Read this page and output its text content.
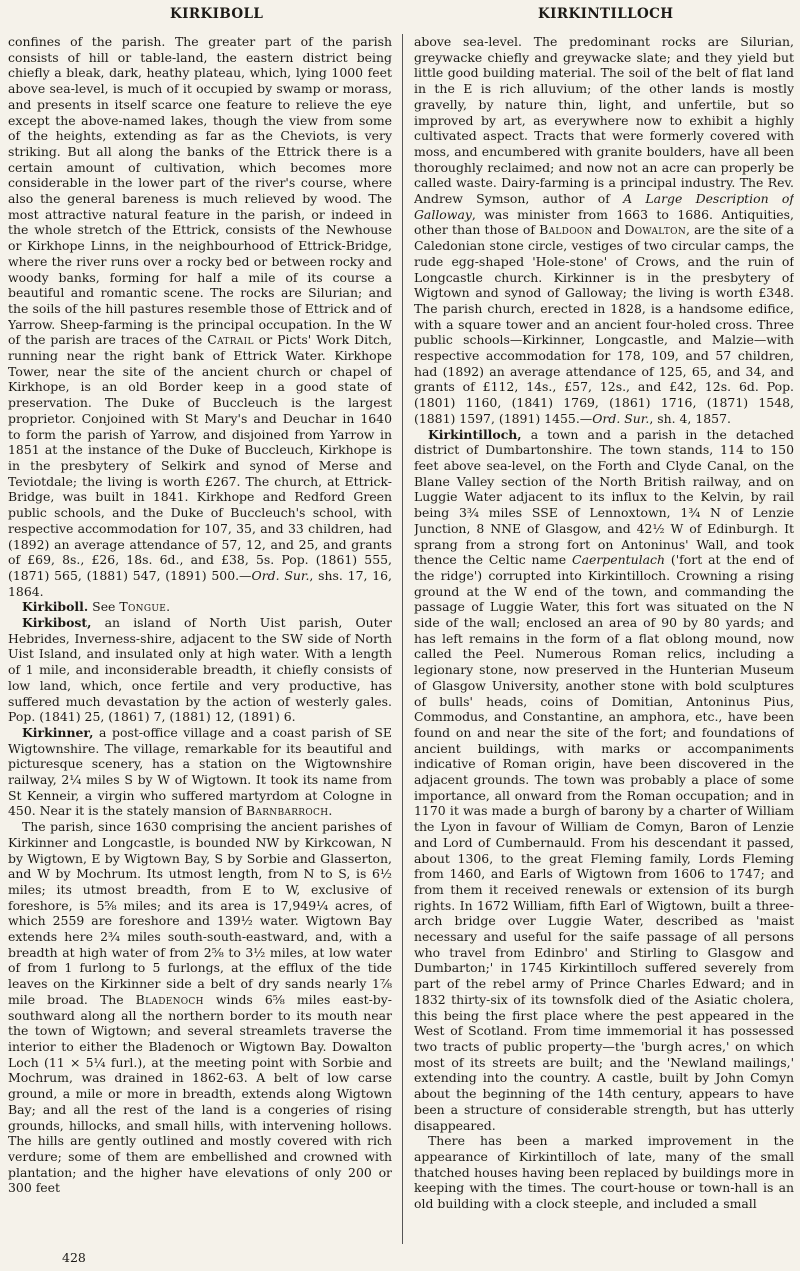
KIRKIBOLL	KIRKINTILLOCH

confines of the parish. The greater part of the parish consists of hill or table-land, the eastern district being chiefly a bleak, dark, heathy plateau, which, lying 1000 feet above sea-level, is much of it occupied by swamp or morass, and presents in itself scarce one feature to relieve the eye except the above-named lakes, though the view from some of the heights, extending as far as the Cheviots, is very striking. But all along the banks of the Ettrick there is a certain amount of cultivation, which becomes more considerable in the lower part of the river's course, where also the general bareness is much relieved by wood. The most attractive natural feature in the parish, or indeed in the whole stretch of the Ettrick, consists of the Newhouse or Kirkhope Linns, in the neighbourhood of Ettrick-Bridge, where the river runs over a rocky bed or between rocky and woody banks, forming for half a mile of its course a beautiful and romantic scene. The rocks are Silurian; and the soils of the hill pastures resemble those of Ettrick and of Yarrow. Sheep-farming is the principal occupation. In the W of the parish are traces of the Catrail or Picts' Work Ditch, running near the right bank of Ettrick Water. Kirkhope Tower, near the site of the ancient church or chapel of Kirkhope, is an old Border keep in a good state of preservation. The Duke of Buccleuch is the largest proprietor. Conjoined with St Mary's and Deuchar in 1640 to form the parish of Yarrow, and disjoined from Yarrow in 1851 at the instance of the Duke of Buccleuch, Kirkhope is in the presbytery of Selkirk and synod of Merse and Teviotdale; the living is worth £267. The church, at Ettrick-Bridge, was built in 1841. Kirkhope and Redford Green public schools, and the Duke of Buccleuch's school, with respective accommodation for 107, 35, and 33 children, had (1892) an average attendance of 57, 12, and 25, and grants of £69, 8s., £26, 18s. 6d., and £38, 5s. Pop. (1861) 555, (1871) 565, (1881) 547, (1891) 500.—Ord. Sur., shs. 17, 16, 1864.

Kirkiboll. See Tongue.

Kirkibost, an island of North Uist parish, Outer Hebrides, Inverness-shire, adjacent to the SW side of North Uist Island, and insulated only at high water. With a length of 1 mile, and inconsiderable breadth, it chiefly consists of low land, which, once fertile and very productive, has suffered much devastation by the action of westerly gales. Pop. (1841) 25, (1861) 7, (1881) 12, (1891) 6.

Kirkinner, a post-office village and a coast parish of SE Wigtownshire. The village, remarkable for its beautiful and picturesque scenery, has a station on the Wigtownshire railway, 2¼ miles S by W of Wigtown. It took its name from St Kenneir, a virgin who suffered martyrdom at Cologne in 450. Near it is the stately mansion of Barnbarroch.

The parish, since 1630 comprising the ancient parishes of Kirkinner and Longcastle, is bounded NW by Kirkcowan, N by Wigtown, E by Wigtown Bay, S by Sorbie and Glasserton, and W by Mochrum. Its utmost length, from N to S, is 6½ miles; its utmost breadth, from E to W, exclusive of foreshore, is 5⅝ miles; and its area is 17,949¼ acres, of which 2559 are foreshore and 139½ water. Wigtown Bay extends here 2¾ miles south-south-eastward, and, with a breadth at high water of from 2⅝ to 3½ miles, at low water of from 1 furlong to 5 furlongs, at the efflux of the tide leaves on the Kirkinner side a belt of dry sands nearly 1⅞ mile broad. The Bladenoch winds 6⅝ miles east-by-southward along all the northern border to its mouth near the town of Wigtown; and several streamlets traverse the interior to either the Bladenoch or Wigtown Bay. Dowalton Loch (11 × 5¼ furl.), at the meeting point with Sorbie and Mochrum, was drained in 1862-63. A belt of low carse ground, a mile or more in breadth, extends along Wigtown Bay; and all the rest of the land is a congeries of rising grounds, hillocks, and small hills, with intervening hollows. The hills are gently outlined and mostly covered with rich verdure; some of them are embellished and crowned with plantation; and the higher have elevations of only 200 or 300 feet

above sea-level. The predominant rocks are Silurian, greywacke chiefly and greywacke slate; and they yield but little good building material. The soil of the belt of flat land in the E is rich alluvium; of the other lands is mostly gravelly, by nature thin, light, and unfertile, but so improved by art, as everywhere now to exhibit a highly cultivated aspect. Tracts that were formerly covered with moss, and encumbered with granite boulders, have all been thoroughly reclaimed; and now not an acre can properly be called waste. Dairy-farming is a principal industry. The Rev. Andrew Symson, author of A Large Description of Galloway, was minister from 1663 to 1686. Antiquities, other than those of Baldoon and Dowalton, are the site of a Caledonian stone circle, vestiges of two circular camps, the rude egg-shaped 'Hole-stone' of Crows, and the ruin of Longcastle church. Kirkinner is in the presbytery of Wigtown and synod of Galloway; the living is worth £348. The parish church, erected in 1828, is a handsome edifice, with a square tower and an ancient four-holed cross. Three public schools—Kirkinner, Longcastle, and Malzie—with respective accommodation for 178, 109, and 57 children, had (1892) an average attendance of 125, 65, and 34, and grants of £112, 14s., £57, 12s., and £42, 12s. 6d. Pop. (1801) 1160, (1841) 1769, (1861) 1716, (1871) 1548, (1881) 1597, (1891) 1455.—Ord. Sur., sh. 4, 1857.

Kirkintilloch, a town and a parish in the detached district of Dumbartonshire. The town stands, 114 to 150 feet above sea-level, on the Forth and Clyde Canal, on the Blane Valley section of the North British railway, and on Luggie Water adjacent to its influx to the Kelvin, by rail being 3¾ miles SSE of Lennoxtown, 1¾ N of Lenzie Junction, 8 NNE of Glasgow, and 42½ W of Edinburgh. It sprang from a strong fort on Antoninus' Wall, and took thence the Celtic name Caerpentulach ('fort at the end of the ridge') corrupted into Kirkintilloch. Crowning a rising ground at the W end of the town, and commanding the passage of Luggie Water, this fort was situated on the N side of the wall; enclosed an area of 90 by 80 yards; and has left remains in the form of a flat oblong mound, now called the Peel. Numerous Roman relics, including a legionary stone, now preserved in the Hunterian Museum of Glasgow University, another stone with bold sculptures of bulls' heads, coins of Domitian, Antoninus Pius, Commodus, and Constantine, an amphora, etc., have been found on and near the site of the fort; and foundations of ancient buildings, with marks or accompaniments indicative of Roman origin, have been discovered in the adjacent grounds. The town was probably a place of some importance, all onward from the Roman occupation; and in 1170 it was made a burgh of barony by a charter of William the Lyon in favour of William de Comyn, Baron of Lenzie and Lord of Cumbernauld. From his descendant it passed, about 1306, to the great Fleming family, Lords Fleming from 1460, and Earls of Wigtown from 1606 to 1747; and from them it received renewals or extension of its burgh rights. In 1672 William, fifth Earl of Wigtown, built a three-arch bridge over Luggie Water, described as 'maist necessary and useful for the saife passage of all persons who travel from Edinbro' and Stirling to Glasgow and Dumbarton;' in 1745 Kirkintilloch suffered severely from part of the rebel army of Prince Charles Edward; and in 1832 thirty-six of its townsfolk died of the Asiatic cholera, this being the first place where the pest appeared in the West of Scotland. From time immemorial it has possessed two tracts of public property—the 'burgh acres,' on which most of its streets are built; and the 'Newland mailings,' extending into the country. A castle, built by John Comyn about the beginning of the 14th century, appears to have been a structure of considerable strength, but has utterly disappeared.

There has been a marked improvement in the appearance of Kirkintilloch of late, many of the small thatched houses having been replaced by buildings more in keeping with the times. The court-house or town-hall is an old building with a clock steeple, and included a small

428
